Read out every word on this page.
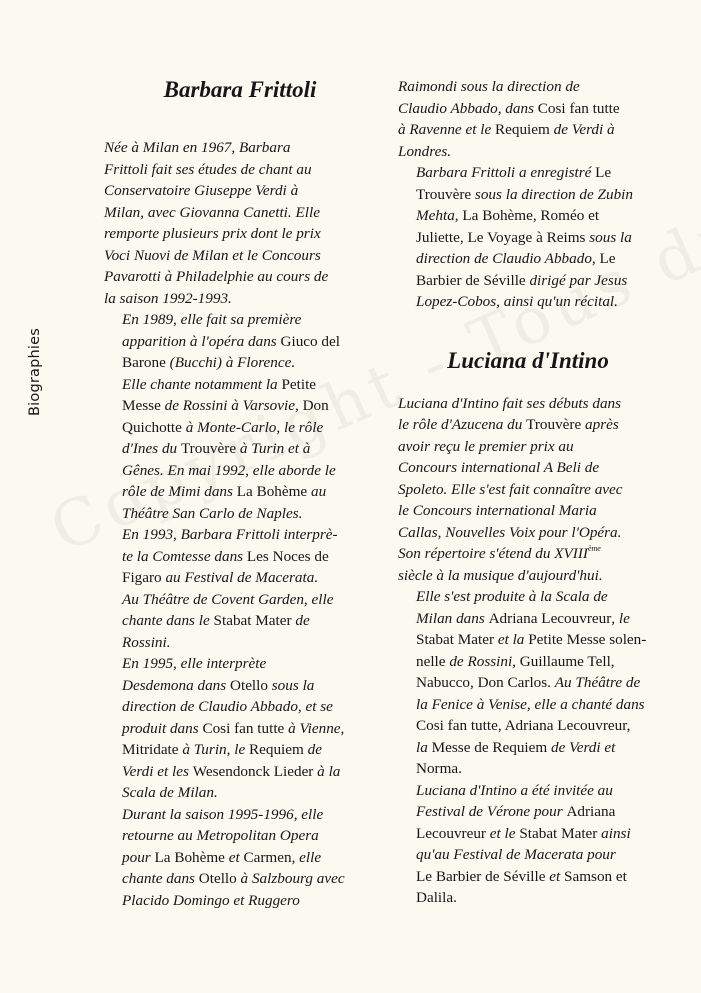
Biographies
Barbara Frittoli

Née à Milan en 1967, Barbara
Frittoli fait ses études de chant au
Conservatoire Giuseppe Verdi à
Milan, avec Giovanna Canetti. Elle
remporte plusieurs prix dont le prix
Voci Nuovi de Milan et le Concours
Pavarotti à Philadelphie au cours de
la saison 1992-1993.

En 1989, elle fait sa première
apparition à l'opéra dans Giuco del
Barone (Bucchi) à Florence.

Elle chante notamment la Petite
Messe de Rossini à Varsovie, Don
Quichotte à Monte-Carlo, le rôle
d'Ines du Trouvère à Turin et à
Gênes. En mai 1992, elle aborde le
rôle de Mimi dans La Bohème au
Théâtre San Carlo de Naples.

En 1993, Barbara Frittoli interprè-
te la Comtesse dans Les Noces de
Figaro au Festival de Macerata.
Au Théâtre de Covent Garden, elle
chante dans le Stabat Mater de
Rossini.

En 1995, elle interprète
Desdemona dans Otello sous la
direction de Claudio Abbado, et se
produit dans Cosi fan tutte à Vienne,
Mitridate à Turin, le Requiem de
Verdi et les Wesendonck Lieder à la
Scala de Milan.

Durant la saison 1995-1996, elle
retourne au Metropolitan Opera
pour La Bohème et Carmen, elle
chante dans Otello à Salzbourg avec
Placido Domingo et Ruggero

Raimondi sous la direction de
Claudio Abbado, dans Cosi fan tutte
à Ravenne et le Requiem de Verdi à
Londres.

Barbara Frittoli a enregistré Le
Trouvère sous la direction de Zubin
Mehta, La Bohème, Roméo et
Juliette, Le Voyage à Reims sous la
direction de Claudio Abbado, Le
Barbier de Séville dirigé par Jesus
Lopez-Cobos, ainsi qu'un récital.

Luciana d'Intino

Luciana d'Intino fait ses débuts dans
le rôle d'Azucena du Trouvère après
avoir reçu le premier prix au
Concours international A Beli de
Spoleto. Elle s'est fait connaître avec
le Concours international Maria
Callas, Nouvelles Voix pour l'Opéra.
Son répertoire s'étend du XVIIIème
siècle à la musique d'aujourd'hui.

Elle s'est produite à la Scala de
Milan dans Adriana Lecouvreur, le
Stabat Mater et la Petite Messe solen-
nelle de Rossini, Guillaume Tell,
Nabucco, Don Carlos. Au Théâtre de
la Fenice à Venise, elle a chanté dans
Cosi fan tutte, Adriana Lecouvreur,
la Messe de Requiem de Verdi et
Norma.

Luciana d'Intino a été invitée au
Festival de Vérone pour Adriana
Lecouvreur et le Stabat Mater ainsi
qu'au Festival de Macerata pour
Le Barbier de Séville et Samson et
Dalila.
